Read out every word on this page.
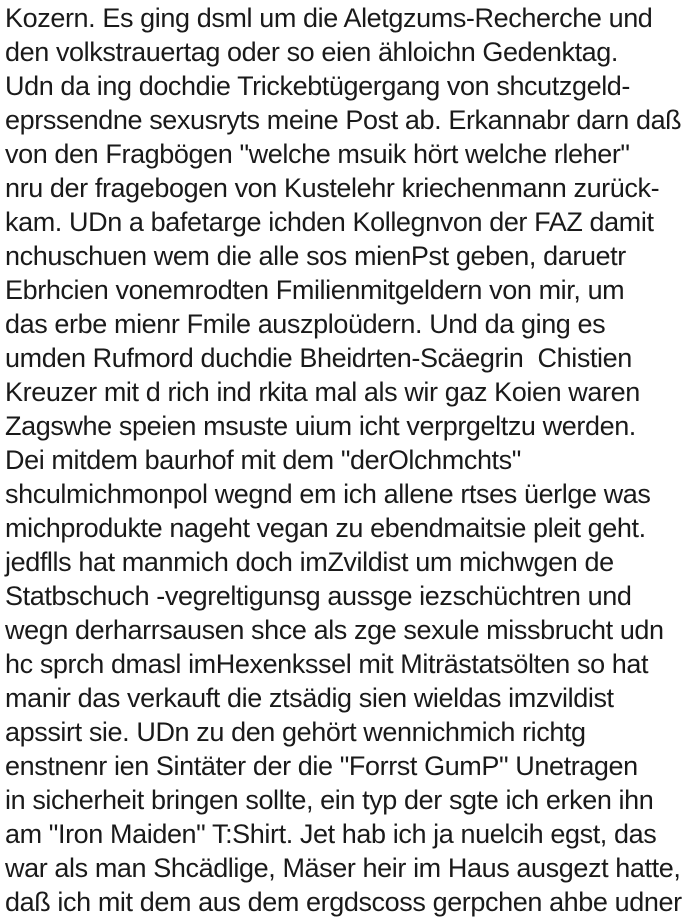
Kozern. Es ging dsml um die Aletgzums-Recherche und
den volkstrauertag oder so eien ähloichn Gedenktag.
Udn da ing dochdie Trickebtügergang von shcutzgeld-
eprssendne sexusryts meine Post ab. Erkannabr darn daß
von den Fragbögen "welche msuik hört welche rleher"
nru der fragebogen von Kustelehr kriechenmann zurück-
kam. UDn a bafetarge ichden Kollegnvon der FAZ damit
nchuschuen wem die alle sos mienPst geben, daruetr
Ebrhcien vonemrodten Fmilienmitgeldern von mir, um
das erbe mienr Fmile auszploüdern. Und da ging es
umden Rufmord duchdie Bheidrten-Scäegrin  Chistien
Kreuzer mit d rich ind rkita mal als wir gaz Koien waren
Zagswhe speien msuste uium icht verprgeltzu werden.
Dei mitdem baurhof mit dem "derOlchmchts"
shculmichmonpol wegnd em ich allene rtses üerlge was
michprodukte nageht vegan zu ebendmaitsie pleit geht.
jedflls hat manmich doch imZvildist um michwgen de
Statbschuch -vegreltigunsg aussge iezschüchtren und
wegn derharrsausen shce als zge sexule missbrucht udn
hc sprch dmasl imHexenkssel mit Miträstatsölten so hat
manir das verkauft die ztsädig sien wieldas imzvildist
apssirt sie. UDn zu den gehört wennichmich richtg
enstnenr ien Sintäter der die "Forrst GumP" Unetragen
in sicherheit bringen sollte, ein typ der sgte ich erken ihn
am "Iron Maiden" T:Shirt. Jet hab ich ja nuelcih egst, das
war als man Shcädlige, Mäser heir im Haus ausgezt hatte,
daß ich mit dem aus dem ergdscoss gerpchen ahbe udner
